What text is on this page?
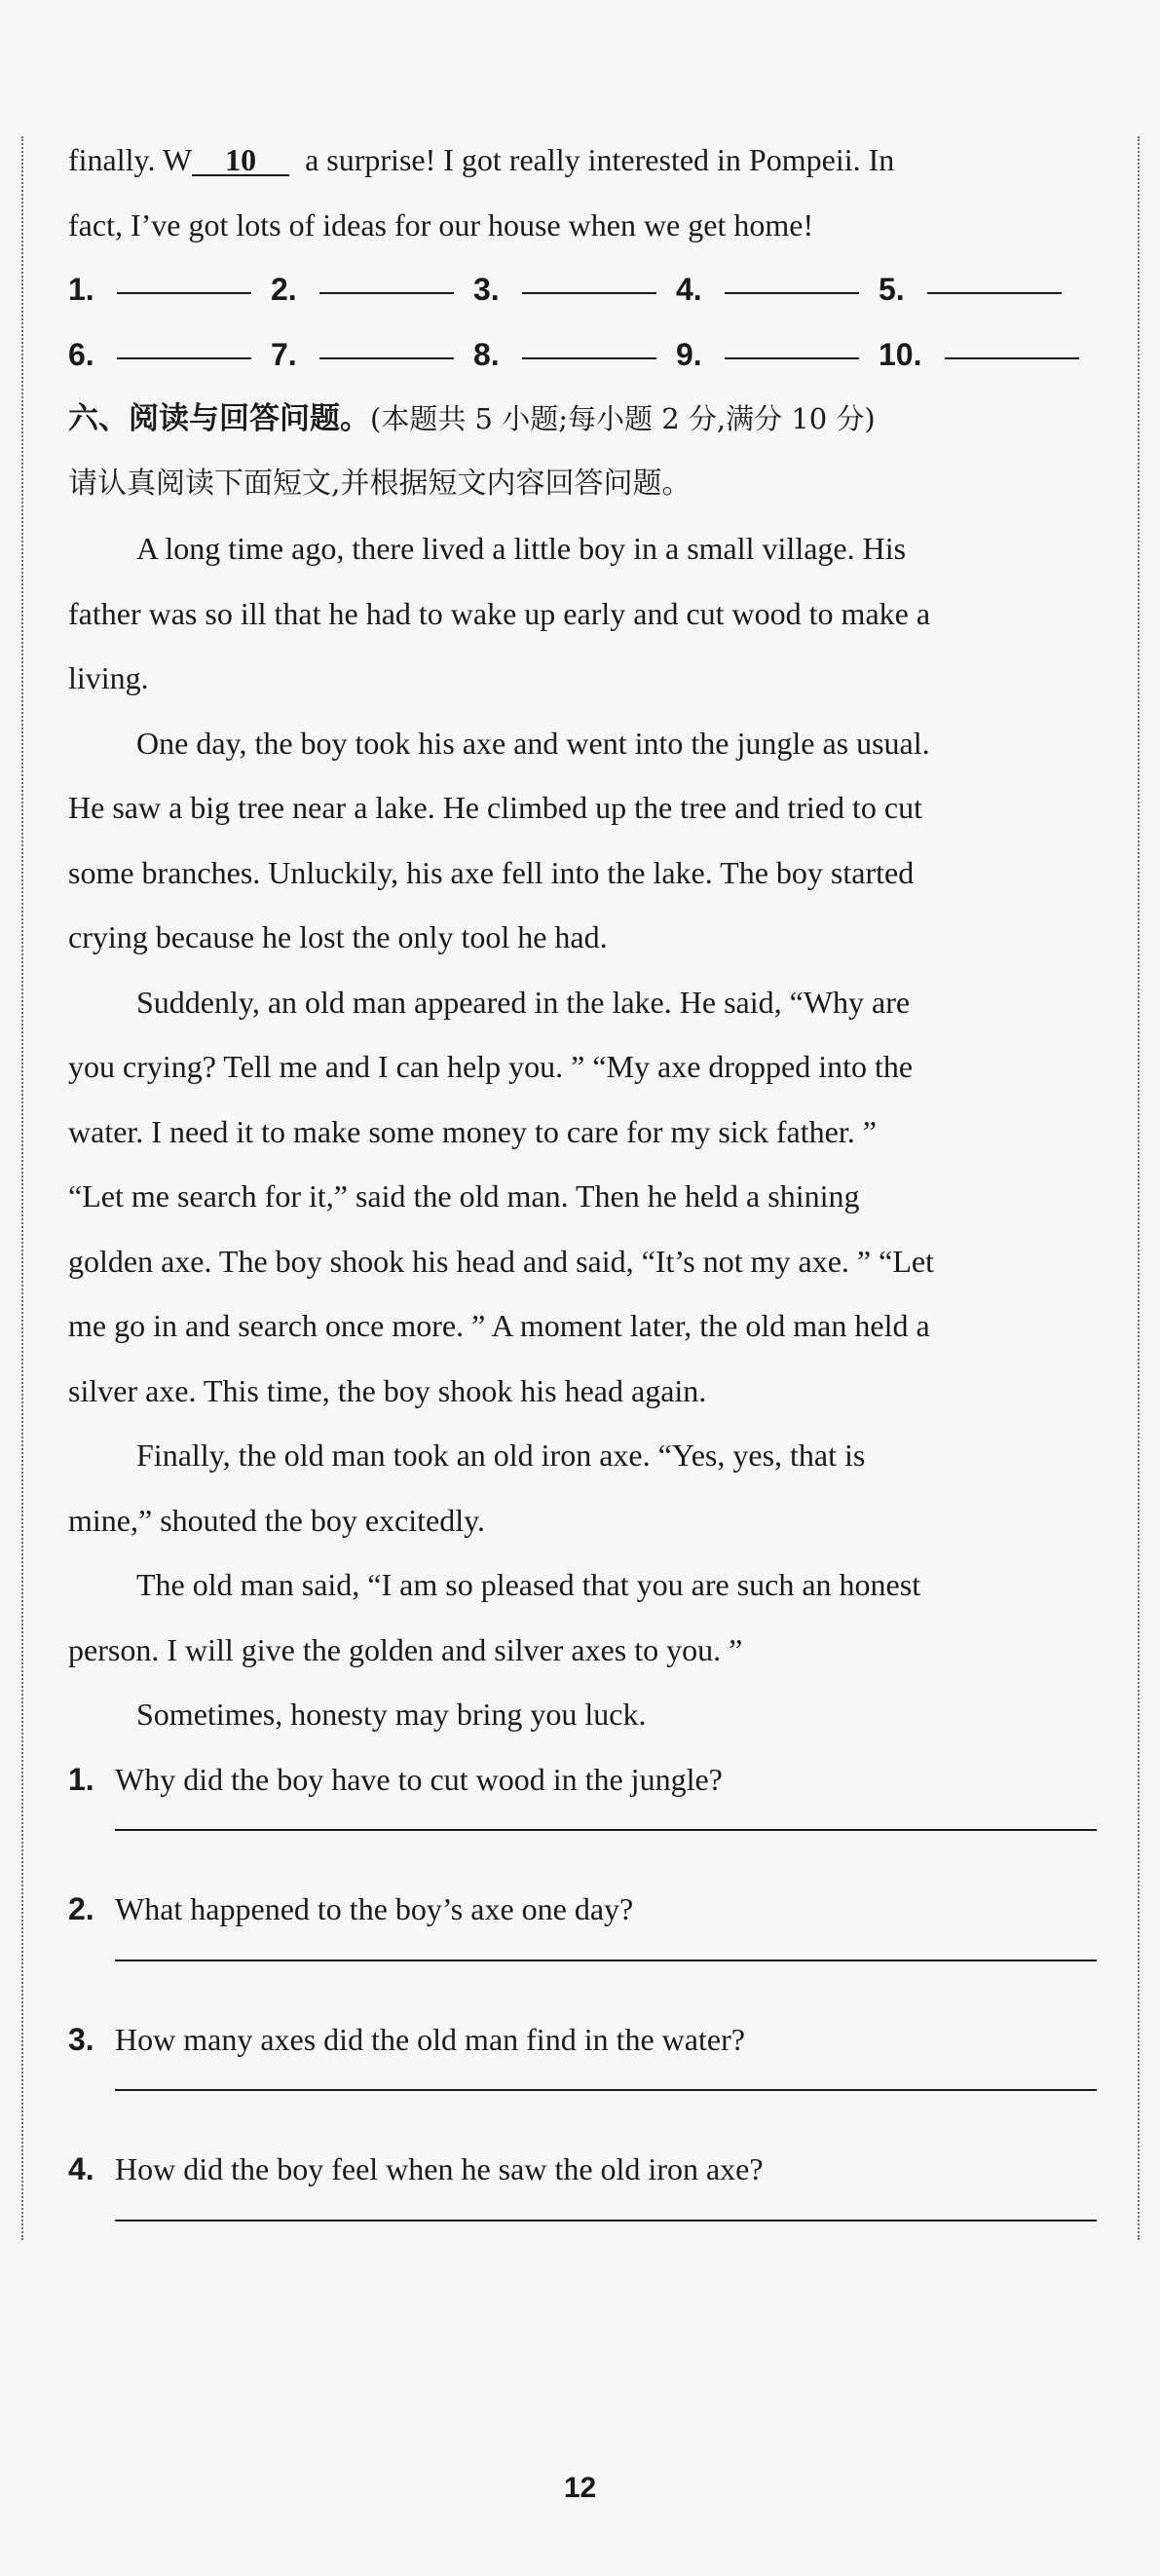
finally. W 10 a surprise! I got really interested in Pompeii. In
fact, I’ve got lots of ideas for our house when we get home!
1.	2.	3.	4.	5.
6.	7.	8.	9.	10.
六、阅读与回答问题。(本题共 5 小题;每小题 2 分,满分 10 分)
请认真阅读下面短文,并根据短文内容回答问题。
A long time ago, there lived a little boy in a small village. His
father was so ill that he had to wake up early and cut wood to make a
living.
One day, the boy took his axe and went into the jungle as usual.
He saw a big tree near a lake. He climbed up the tree and tried to cut
some branches. Unluckily, his axe fell into the lake. The boy started
crying because he lost the only tool he had.
Suddenly, an old man appeared in the lake. He said, “Why are
you crying? Tell me and I can help you. ” “My axe dropped into the
water. I need it to make some money to care for my sick father. ”
“Let me search for it,” said the old man. Then he held a shining
golden axe. The boy shook his head and said, “It’s not my axe. ” “Let
me go in and search once more. ” A moment later, the old man held a
silver axe. This time, the boy shook his head again.
Finally, the old man took an old iron axe. “Yes, yes, that is
mine,” shouted the boy excitedly.
The old man said, “I am so pleased that you are such an honest
person. I will give the golden and silver axes to you. ”
Sometimes, honesty may bring you luck.
1. Why did the boy have to cut wood in the jungle?
2. What happened to the boy’s axe one day?
3. How many axes did the old man find in the water?
4. How did the boy feel when he saw the old iron axe?
12
